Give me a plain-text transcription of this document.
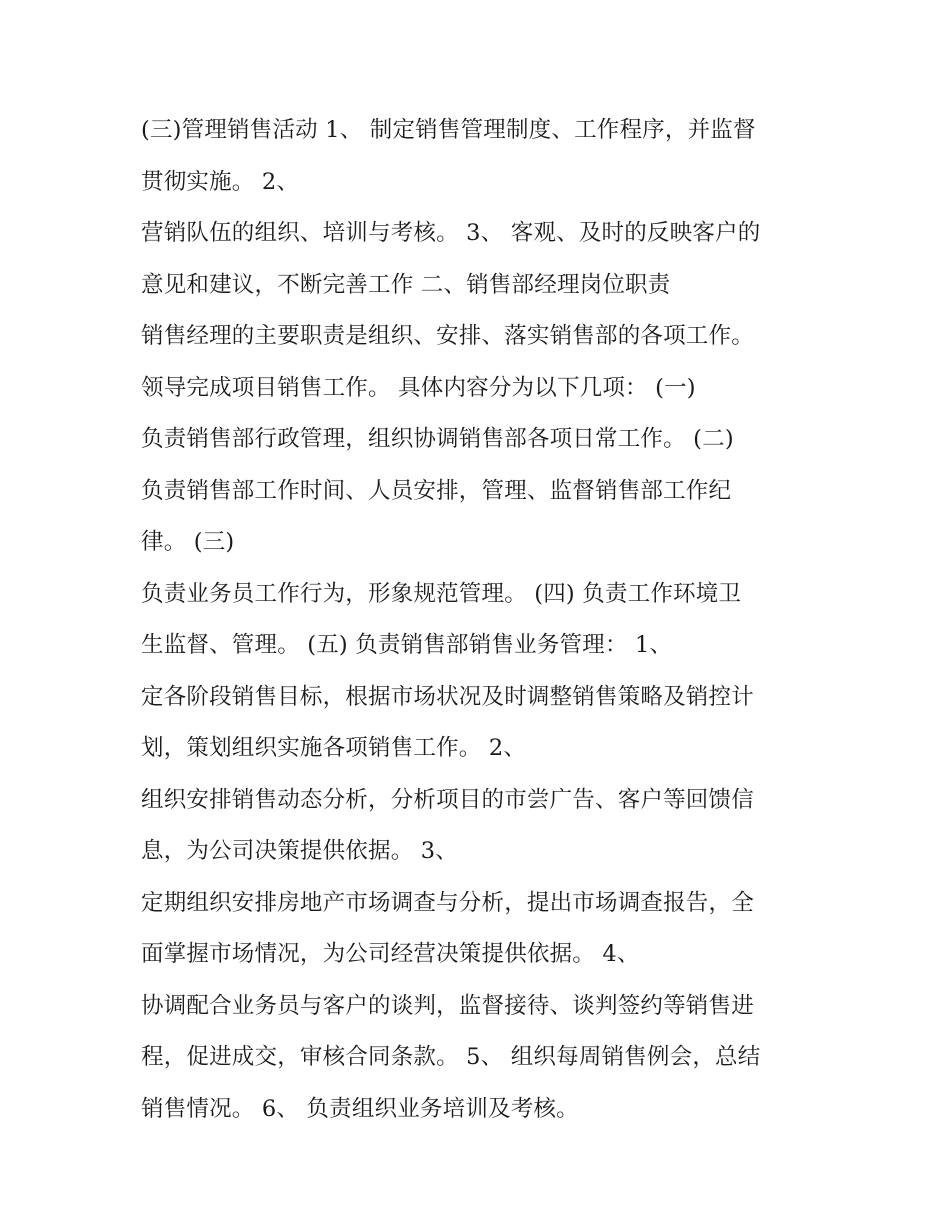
(三)管理销售活动 1、 制定销售管理制度、工作程序，并监督
贯彻实施。 2、
营销队伍的组织、培训与考核。 3、 客观、及时的反映客户的
意见和建议，不断完善工作 二、销售部经理岗位职责
销售经理的主要职责是组织、安排、落实销售部的各项工作。
领导完成项目销售工作。 具体内容分为以下几项： (一)
负责销售部行政管理，组织协调销售部各项日常工作。 (二)
负责销售部工作时间、人员安排，管理、监督销售部工作纪
律。 (三)
负责业务员工作行为，形象规范管理。 (四) 负责工作环境卫
生监督、管理。 (五) 负责销售部销售业务管理： 1、
定各阶段销售目标，根据市场状况及时调整销售策略及销控计
划，策划组织实施各项销售工作。 2、
组织安排销售动态分析，分析项目的市尝广告、客户等回馈信
息，为公司决策提供依据。 3、
定期组织安排房地产市场调查与分析，提出市场调查报告，全
面掌握市场情况，为公司经营决策提供依据。 4、
协调配合业务员与客户的谈判，监督接待、谈判签约等销售进
程，促进成交，审核合同条款。 5、 组织每周销售例会，总结
销售情况。 6、 负责组织业务培训及考核。
